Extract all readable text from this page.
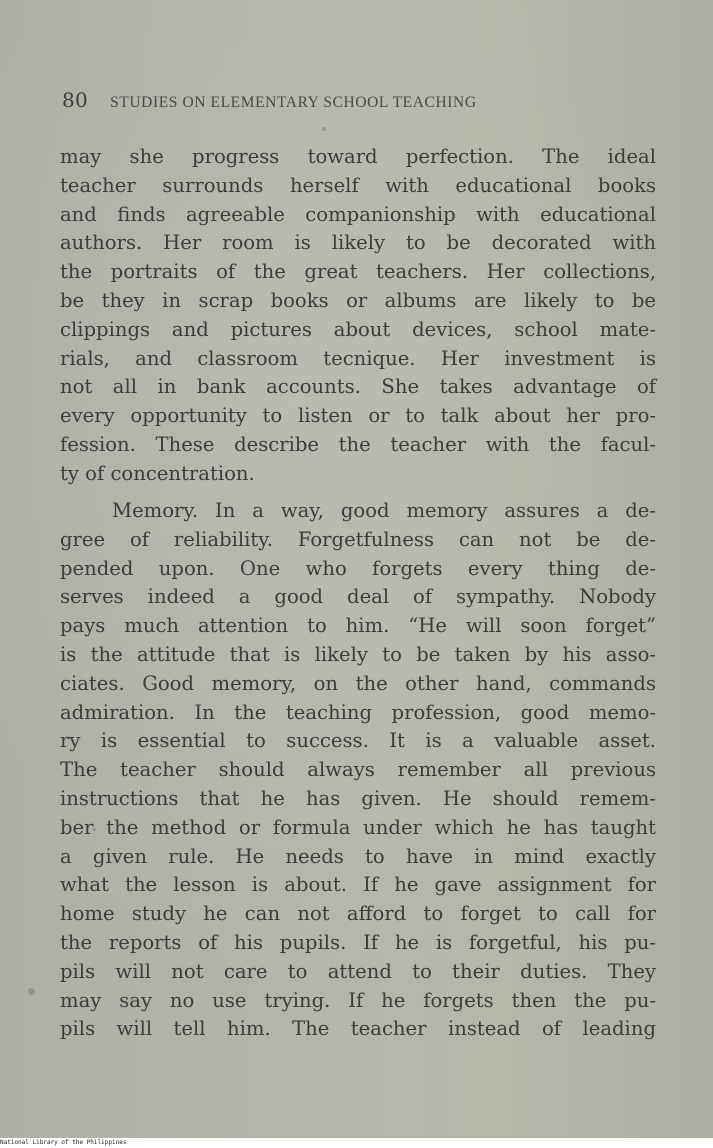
80 STUDIES ON ELEMENTARY SCHOOL TEACHING
may she progress toward perfection. The ideal
teacher surrounds herself with educational books
and finds agreeable companionship with educational
authors. Her room is likely to be decorated with
the portraits of the great teachers. Her collections,
be they in scrap books or albums are likely to be
clippings and pictures about devices, school mate-
rials, and classroom tecnique. Her investment is
not all in bank accounts. She takes advantage of
every opportunity to listen or to talk about her pro-
fession. These describe the teacher with the facul-
ty of concentration.
Memory. In a way, good memory assures a de-
gree of reliability. Forgetfulness can not be de-
pended upon. One who forgets every thing de-
serves indeed a good deal of sympathy. Nobody
pays much attention to him. “He will soon forget”
is the attitude that is likely to be taken by his asso-
ciates. Good memory, on the other hand, commands
admiration. In the teaching profession, good memo-
ry is essential to success. It is a valuable asset.
The teacher should always remember all previous
instructions that he has given. He should remem-
ber the method or formula under which he has taught
a given rule. He needs to have in mind exactly
what the lesson is about. If he gave assignment for
home study he can not afford to forget to call for
the reports of his pupils. If he is forgetful, his pu-
pils will not care to attend to their duties. They
may say no use trying. If he forgets then the pu-
pils will tell him. The teacher instead of leading
National Library of the Philippines
